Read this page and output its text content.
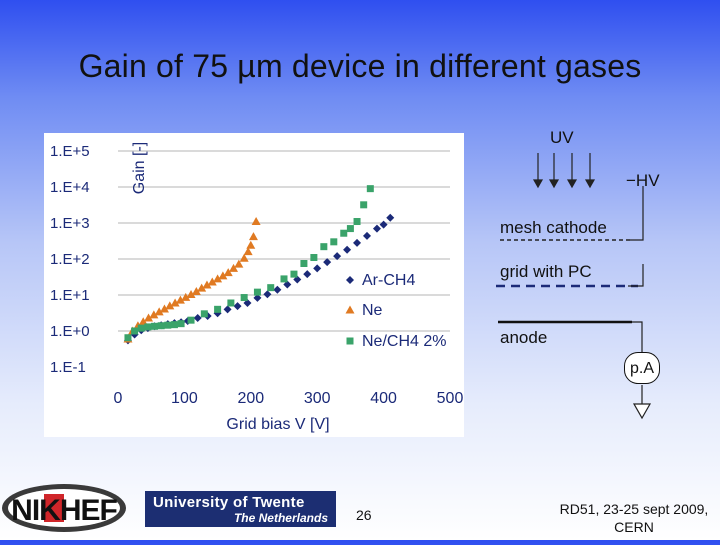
Gain of 75 µm device in different gases
1.E-1
1.E+0
1.E+1
1.E+2
1.E+3
1.E+4
1.E+5
0	100 200 300 400 500
Grid bias V [V]
Gain [-]
Ar-CH4
Ne
Ne/CH4 2%
UV
−HV
mesh cathode
grid with PC
anode
p.A
NIKHEF University of Twente
The Netherlands 26	RD51, 23-25 sept 2009,
CERN
